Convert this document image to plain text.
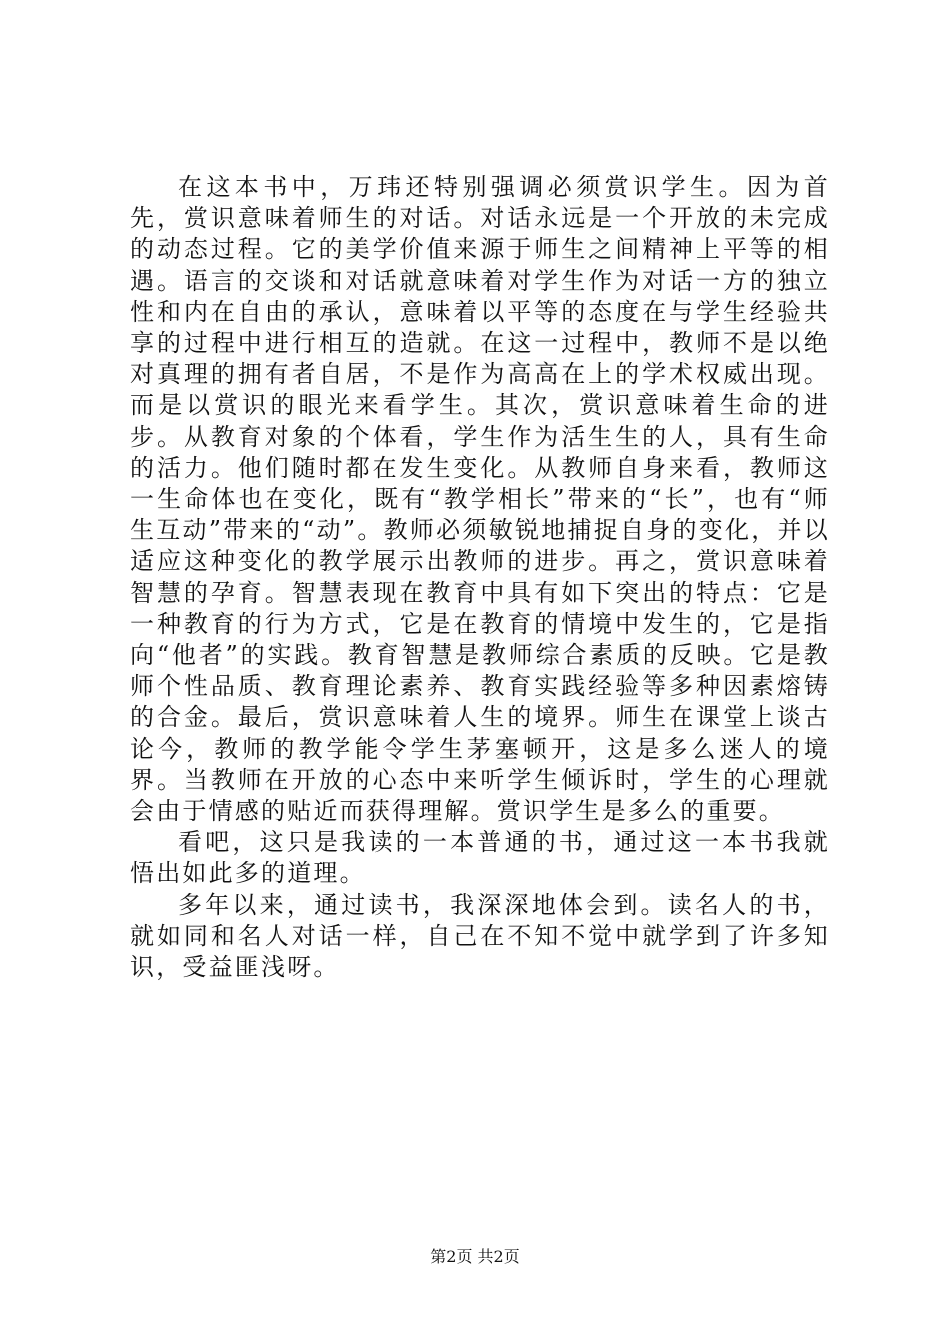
在这本书中，万玮还特别强调必须赏识学生。因为首先，赏识意味着师生的对话。对话永远是一个开放的未完成的动态过程。它的美学价值来源于师生之间精神上平等的相遇。语言的交谈和对话就意味着对学生作为对话一方的独立性和内在自由的承认，意味着以平等的态度在与学生经验共享的过程中进行相互的造就。在这一过程中，教师不是以绝对真理的拥有者自居，不是作为高高在上的学术权威出现。而是以赏识的眼光来看学生。其次，赏识意味着生命的进步。从教育对象的个体看，学生作为活生生的人，具有生命的活力。他们随时都在发生变化。从教师自身来看，教师这一生命体也在变化，既有“教学相长”带来的“长”，也有“师生互动”带来的“动”。教师必须敏锐地捕捉自身的变化，并以适应这种变化的教学展示出教师的进步。再之，赏识意味着智慧的孕育。智慧表现在教育中具有如下突出的特点：它是一种教育的行为方式，它是在教育的情境中发生的，它是指向“他者”的实践。教育智慧是教师综合素质的反映。它是教师个性品质、教育理论素养、教育实践经验等多种因素熔铸的合金。最后，赏识意味着人生的境界。师生在课堂上谈古论今，教师的教学能令学生茅塞顿开，这是多么迷人的境界。当教师在开放的心态中来听学生倾诉时，学生的心理就会由于情感的贴近而获得理解。赏识学生是多么的重要。

看吧，这只是我读的一本普通的书，通过这一本书我就悟出如此多的道理。

多年以来，通过读书，我深深地体会到。读名人的书，就如同和名人对话一样，自己在不知不觉中就学到了许多知识，受益匪浅呀。

第2页 共2页
